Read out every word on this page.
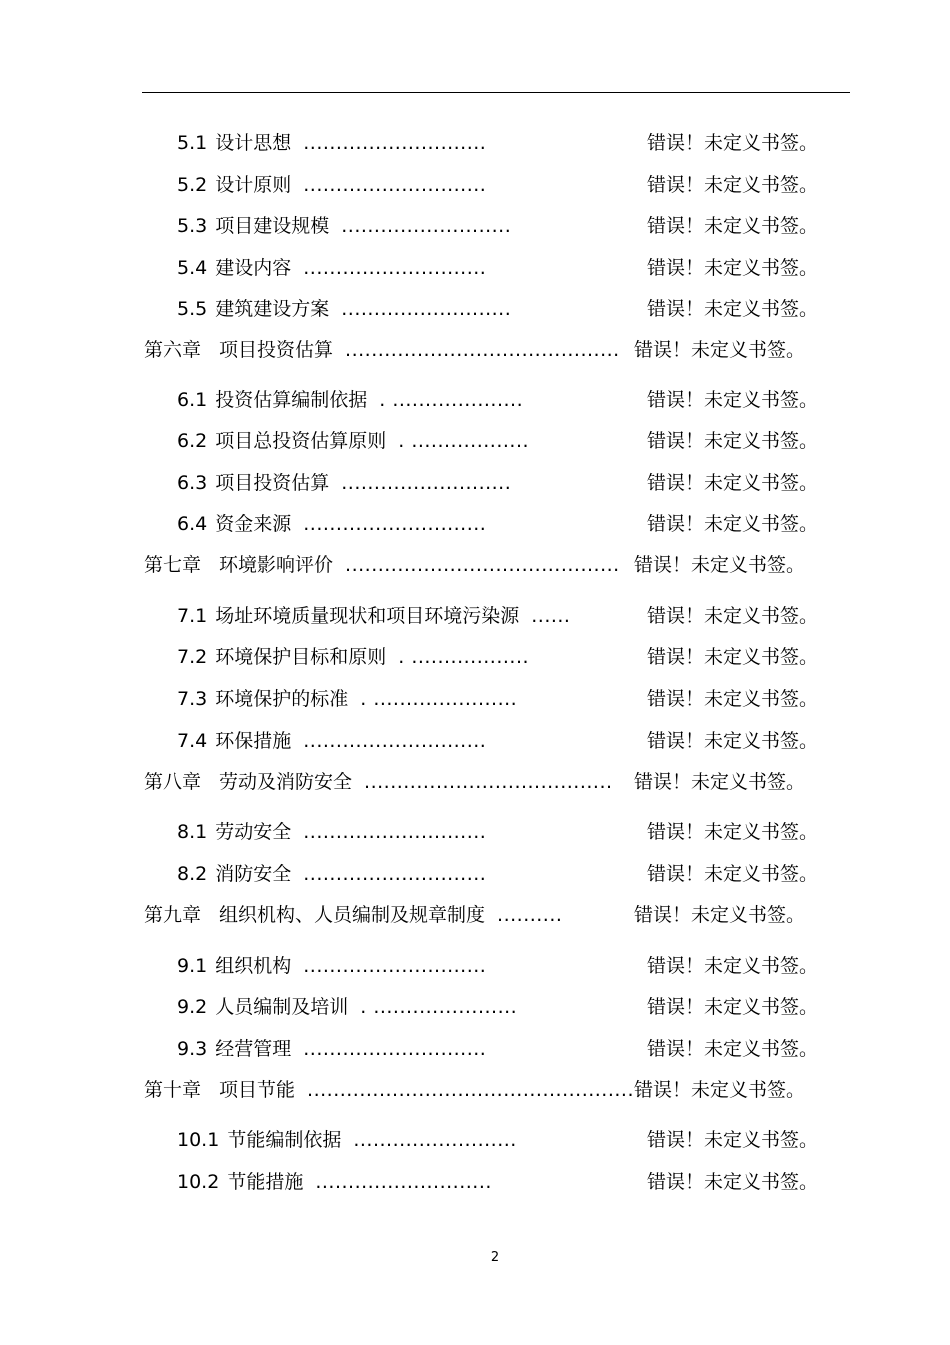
5.1 设计思想 ............................	错误！未定义书签。
5.2 设计原则 ............................	错误！未定义书签。
5.3 项目建设规模 ..........................	错误！未定义书签。
5.4 建设内容 ............................	错误！未定义书签。
5.5 建筑建设方案 ..........................	错误！未定义书签。
第六章 项目投资估算 .......................................... 错误！未定义书签。
6.1 投资估算编制依据 . ....................	错误！未定义书签。
6.2 项目总投资估算原则 . ..................	错误！未定义书签。
6.3 项目投资估算 ..........................	错误！未定义书签。
6.4 资金来源 ............................	错误！未定义书签。
第七章 环境影响评价 .......................................... 错误！未定义书签。
7.1 场址环境质量现状和项目环境污染源 ......	错误！未定义书签。
7.2 环境保护目标和原则 . ..................	错误！未定义书签。
7.3 环境保护的标准 . ......................	错误！未定义书签。
7.4 环保措施 ............................	错误！未定义书签。
第八章 劳动及消防安全 ...................................... 错误！未定义书签。
8.1 劳动安全 ............................	错误！未定义书签。
8.2 消防安全 ............................	错误！未定义书签。
第九章 组织机构、人员编制及规章制度 ..........	错误！未定义书签。
9.1 组织机构 ............................	错误！未定义书签。
9.2 人员编制及培训 . ......................	错误！未定义书签。
9.3 经营管理 ............................	错误！未定义书签。
第十章 项目节能 .................................................. 错误！未定义书签。
10.1 节能编制依据 .........................	错误！未定义书签。
10.2 节能措施 ...........................	错误！未定义书签。
2
